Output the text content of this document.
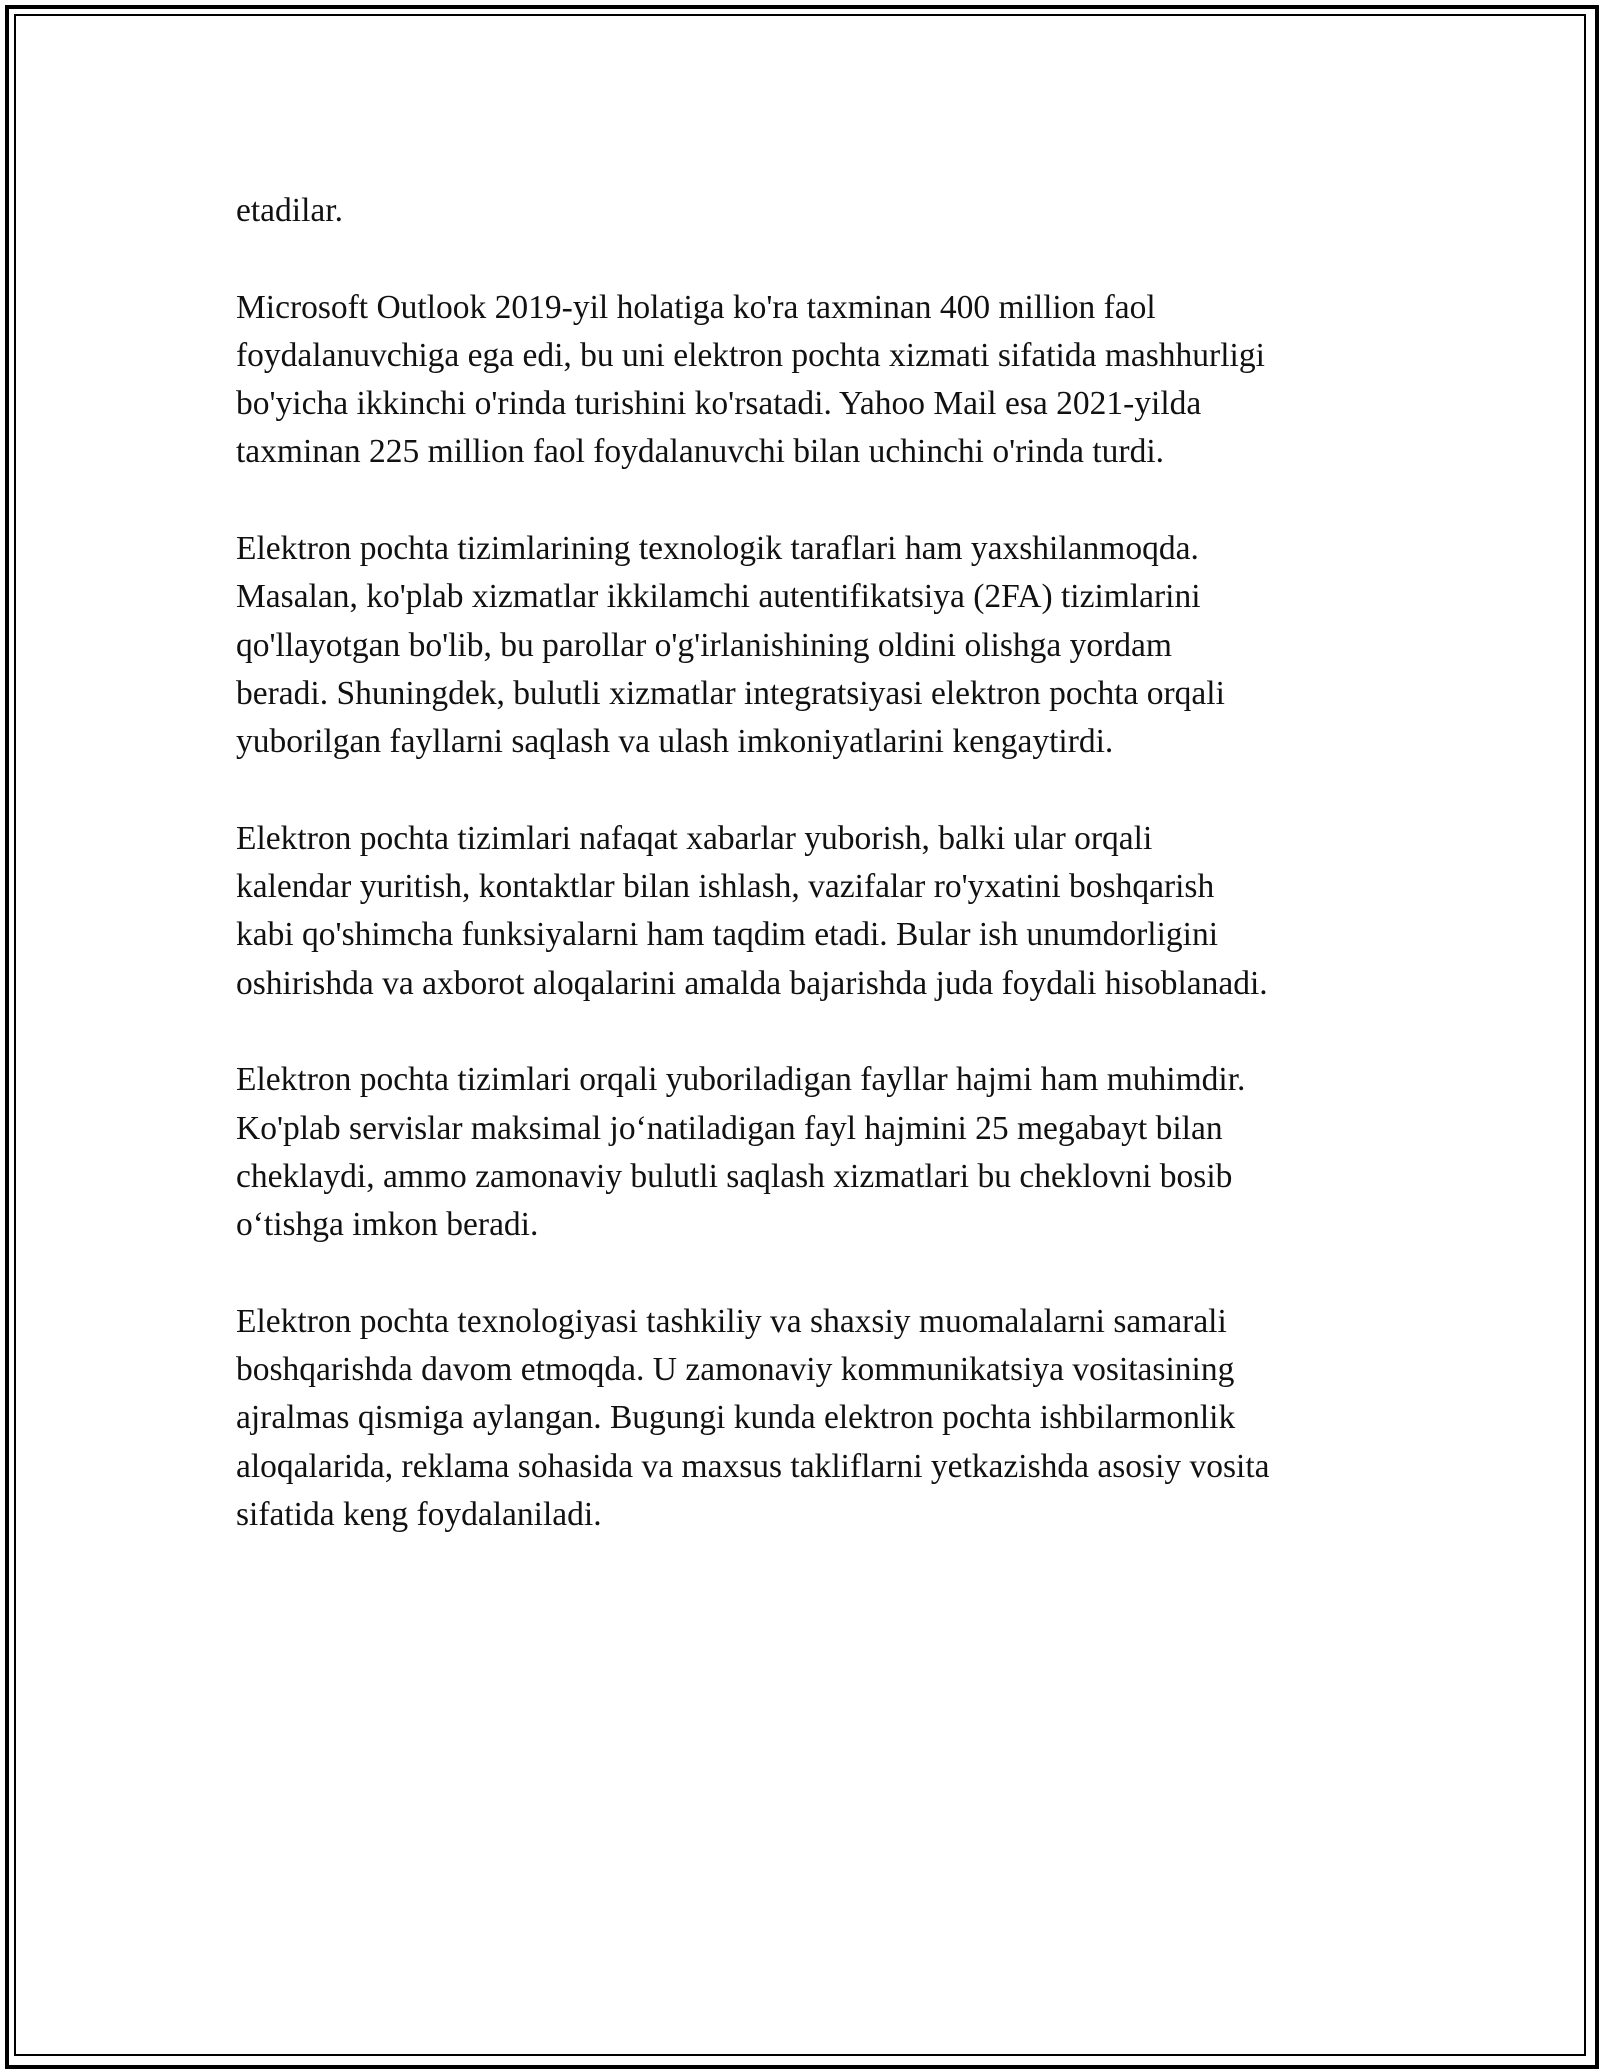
etadilar.

Microsoft Outlook 2019-yil holatiga ko'ra taxminan 400 million faol
foydalanuvchiga ega edi, bu uni elektron pochta xizmati sifatida mashhurligi
bo'yicha ikkinchi o'rinda turishini ko'rsatadi. Yahoo Mail esa 2021-yilda
taxminan 225 million faol foydalanuvchi bilan uchinchi o'rinda turdi.

Elektron pochta tizimlarining texnologik taraflari ham yaxshilanmoqda.
Masalan, ko'plab xizmatlar ikkilamchi autentifikatsiya (2FA) tizimlarini
qo'llayotgan bo'lib, bu parollar o'g'irlanishining oldini olishga yordam
beradi. Shuningdek, bulutli xizmatlar integratsiyasi elektron pochta orqali
yuborilgan fayllarni saqlash va ulash imkoniyatlarini kengaytirdi.

Elektron pochta tizimlari nafaqat xabarlar yuborish, balki ular orqali
kalendar yuritish, kontaktlar bilan ishlash, vazifalar ro'yxatini boshqarish
kabi qo'shimcha funksiyalarni ham taqdim etadi. Bular ish unumdorligini
oshirishda va axborot aloqalarini amalda bajarishda juda foydali hisoblanadi.

Elektron pochta tizimlari orqali yuboriladigan fayllar hajmi ham muhimdir.
Ko'plab servislar maksimal jo‘natiladigan fayl hajmini 25 megabayt bilan
cheklaydi, ammo zamonaviy bulutli saqlash xizmatlari bu cheklovni bosib
o‘tishga imkon beradi.

Elektron pochta texnologiyasi tashkiliy va shaxsiy muomalalarni samarali
boshqarishda davom etmoqda. U zamonaviy kommunikatsiya vositasining
ajralmas qismiga aylangan. Bugungi kunda elektron pochta ishbilarmonlik
aloqalarida, reklama sohasida va maxsus takliflarni yetkazishda asosiy vosita
sifatida keng foydalaniladi.
